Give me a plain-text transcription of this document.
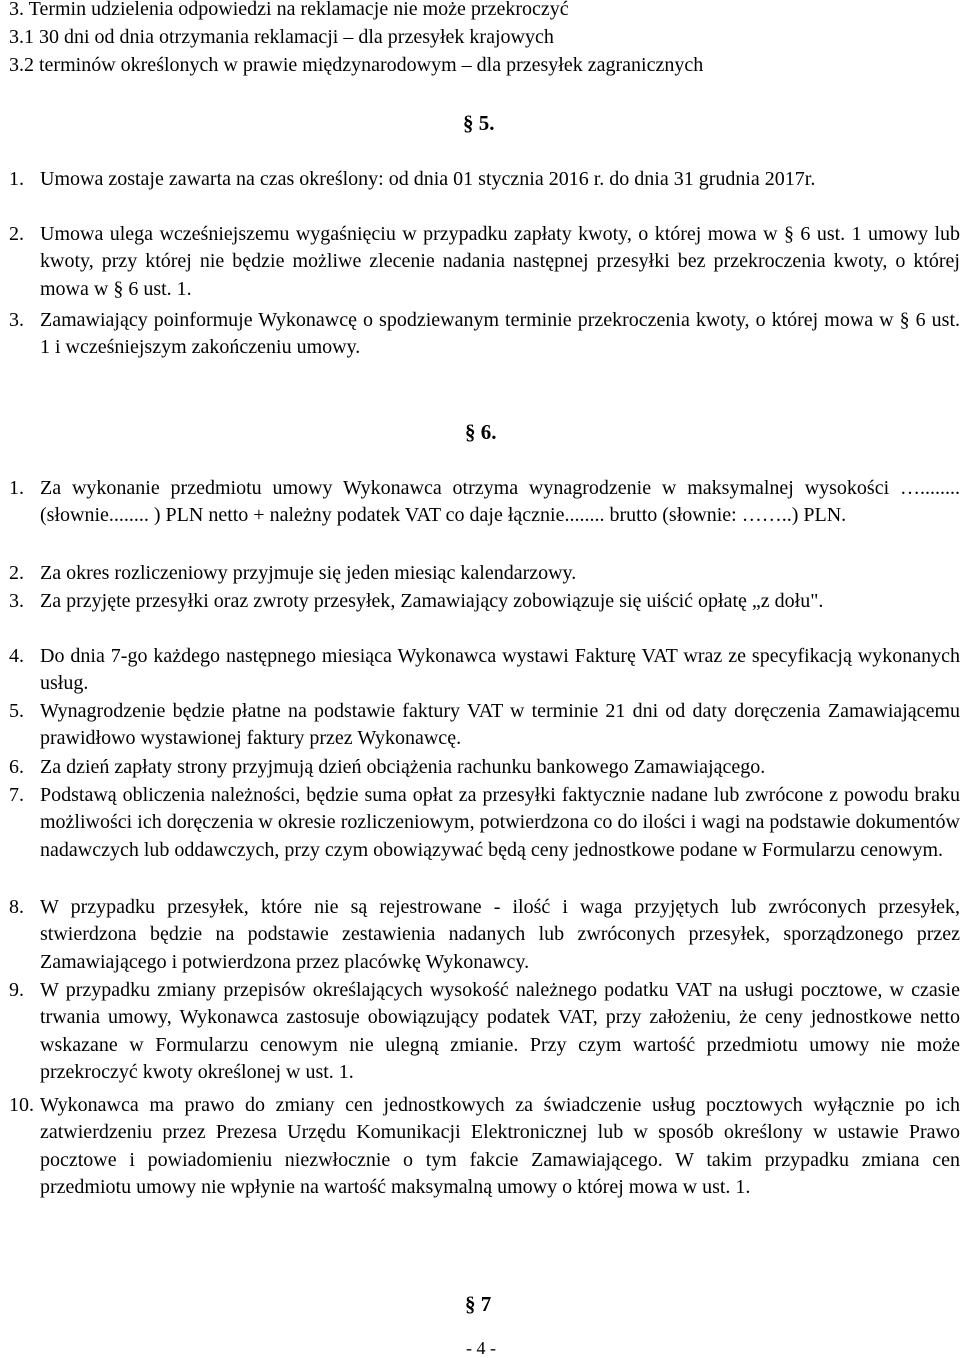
3. Termin udzielenia odpowiedzi na reklamacje nie może przekroczyć
3.1 30 dni od dnia otrzymania reklamacji – dla przesyłek krajowych
3.2 terminów określonych w prawie międzynarodowym – dla przesyłek zagranicznych
§ 5.
1. Umowa zostaje zawarta na czas określony: od dnia 01 stycznia 2016 r. do dnia 31 grudnia 2017r.
2. Umowa ulega wcześniejszemu wygaśnięciu w przypadku zapłaty kwoty, o której mowa w § 6 ust. 1 umowy lub kwoty, przy której nie będzie możliwe zlecenie nadania następnej przesyłki bez przekroczenia kwoty, o której mowa w § 6 ust. 1.
3. Zamawiający poinformuje Wykonawcę o spodziewanym terminie przekroczenia kwoty, o której mowa w § 6 ust. 1 i wcześniejszym zakończeniu umowy.
§ 6.
1. Za wykonanie przedmiotu umowy Wykonawca otrzyma wynagrodzenie w maksymalnej wysokości …........ (słownie........ ) PLN netto + należny podatek VAT co daje łącznie........ brutto (słownie: ……..) PLN.
2. Za okres rozliczeniowy przyjmuje się jeden miesiąc kalendarzowy.
3. Za przyjęte przesyłki oraz zwroty przesyłek, Zamawiający zobowiązuje się uiścić opłatę „z dołu".
4. Do dnia 7-go każdego następnego miesiąca Wykonawca wystawi Fakturę VAT wraz ze specyfikacją wykonanych usług.
5. Wynagrodzenie będzie płatne na podstawie faktury VAT w terminie 21 dni od daty doręczenia Zamawiającemu prawidłowo wystawionej faktury przez Wykonawcę.
6. Za dzień zapłaty strony przyjmują dzień obciążenia rachunku bankowego Zamawiającego.
7. Podstawą obliczenia należności, będzie suma opłat za przesyłki faktycznie nadane lub zwrócone z powodu braku możliwości ich doręczenia w okresie rozliczeniowym, potwierdzona co do ilości i wagi na podstawie dokumentów nadawczych lub oddawczych, przy czym obowiązywać będą ceny jednostkowe podane w Formularzu cenowym.
8. W przypadku przesyłek, które nie są rejestrowane - ilość i waga przyjętych lub zwróconych przesyłek, stwierdzona będzie na podstawie zestawienia nadanych lub zwróconych przesyłek, sporządzonego przez Zamawiającego i potwierdzona przez placówkę Wykonawcy.
9. W przypadku zmiany przepisów określających wysokość należnego podatku VAT na usługi pocztowe, w czasie trwania umowy, Wykonawca zastosuje obowiązujący podatek VAT, przy założeniu, że ceny jednostkowe netto wskazane w Formularzu cenowym nie ulegną zmianie. Przy czym wartość przedmiotu umowy nie może przekroczyć kwoty określonej w ust. 1.
10. Wykonawca ma prawo do zmiany cen jednostkowych za świadczenie usług pocztowych wyłącznie po ich zatwierdzeniu przez Prezesa Urzędu Komunikacji Elektronicznej lub w sposób określony w ustawie Prawo pocztowe i powiadomieniu niezwłocznie o tym fakcie Zamawiającego. W takim przypadku zmiana cen przedmiotu umowy nie wpłynie na wartość maksymalną umowy o której mowa w ust. 1.
§ 7
- 4 -
